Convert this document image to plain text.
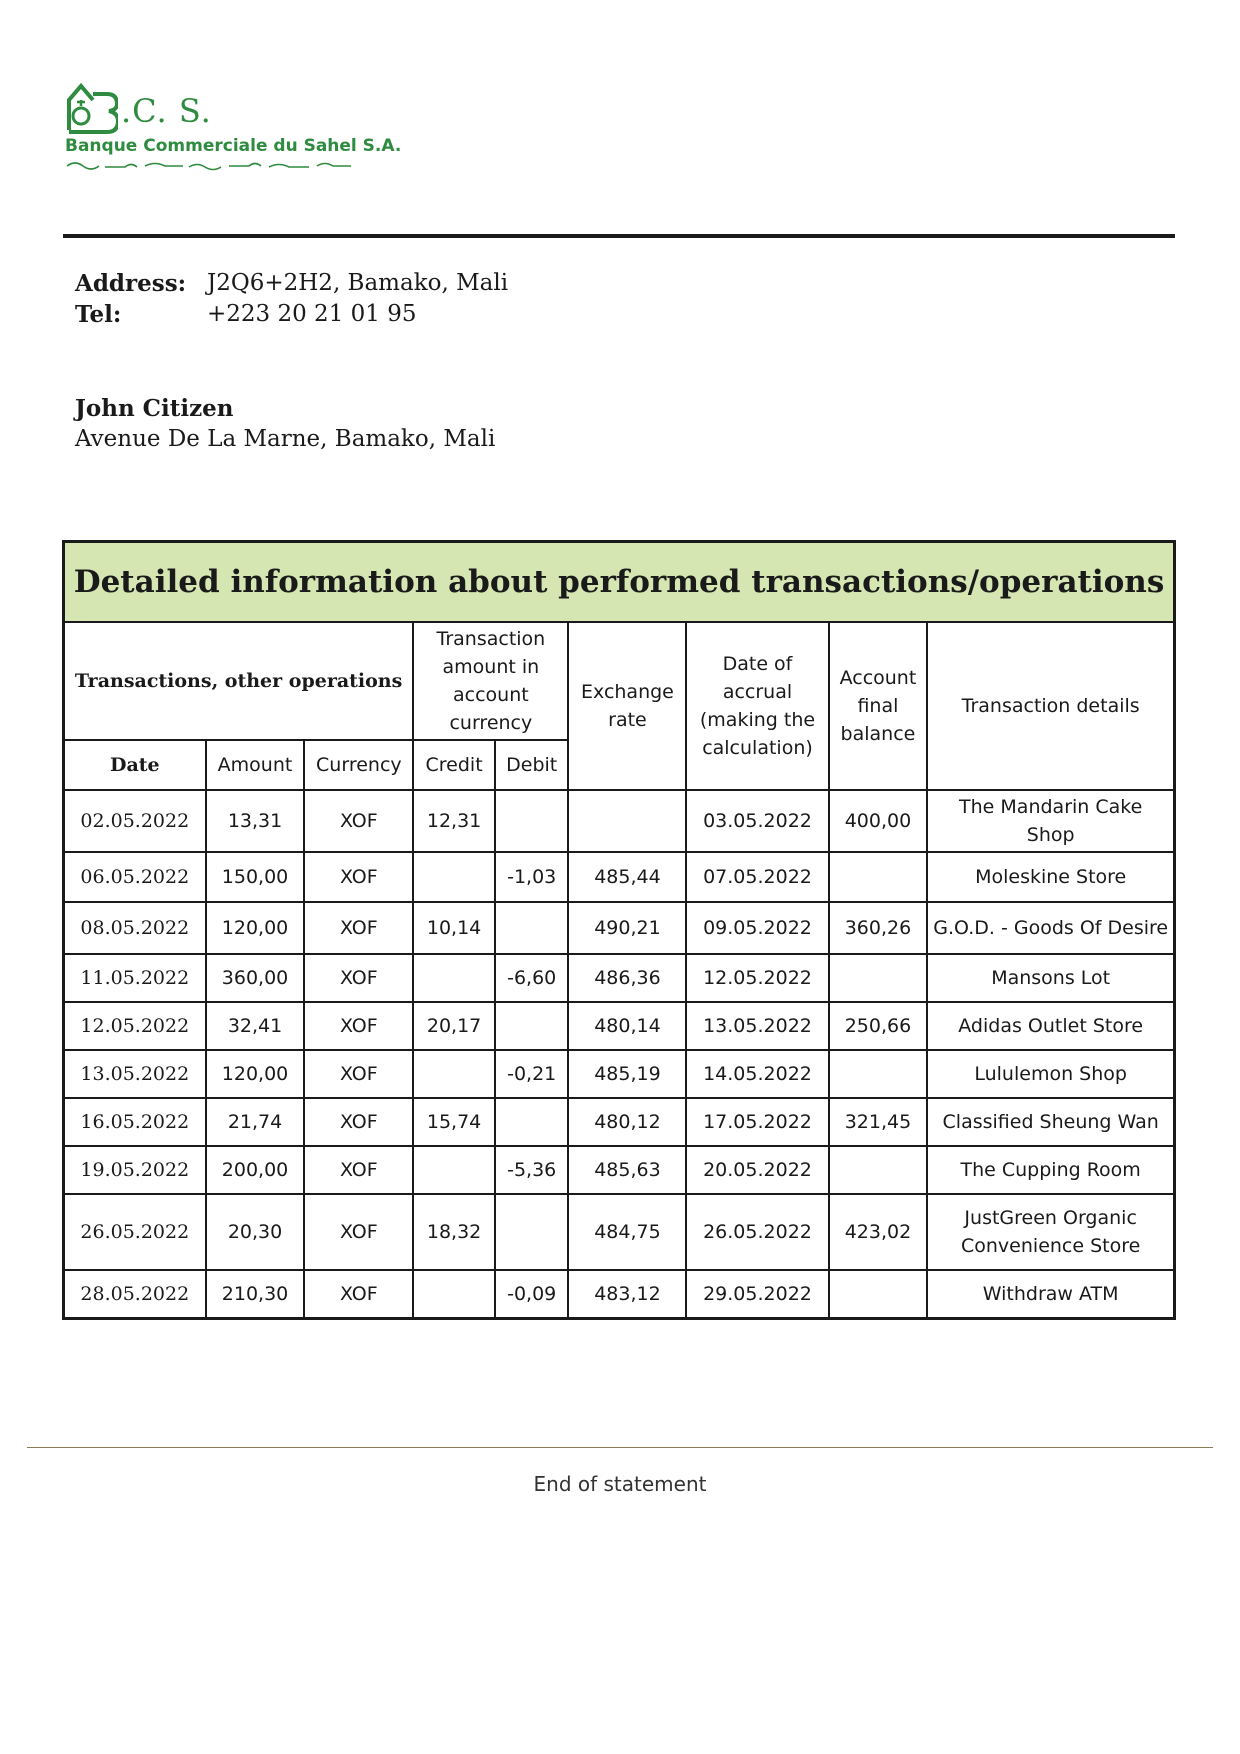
.C. S.
Banque Commerciale du Sahel S.A.
Address: J2Q6+2H2, Bamako, Mali
Tel:	+223 20 21 01 95
John Citizen
Avenue De La Marne, Bamako, Mali
Detailed information about performed transactions/operations								
Transactions, other operations			Transaction amount in account currency		Exchange rate	Date of accrual (making the calculation)	Account final balance	Transaction details
Date	Amount	Currency	Credit	Debit				
02.05.2022	13,31	XOF	12,31			03.05.2022	400,00	The Mandarin Cake Shop
06.05.2022	150,00	XOF		-1,03	485,44	07.05.2022		Moleskine Store
08.05.2022	120,00	XOF	10,14		490,21	09.05.2022	360,26	G.O.D. - Goods Of Desire
11.05.2022	360,00	XOF		-6,60	486,36	12.05.2022		Mansons Lot
12.05.2022	32,41	XOF	20,17		480,14	13.05.2022	250,66	Adidas Outlet Store
13.05.2022	120,00	XOF		-0,21	485,19	14.05.2022		Lululemon Shop
16.05.2022	21,74	XOF	15,74		480,12	17.05.2022	321,45	Classified Sheung Wan
19.05.2022	200,00	XOF		-5,36	485,63	20.05.2022		The Cupping Room
26.05.2022	20,30	XOF	18,32		484,75	26.05.2022	423,02	JustGreen Organic Convenience Store
28.05.2022	210,30	XOF		-0,09	483,12	29.05.2022		Withdraw ATM
End of statement
